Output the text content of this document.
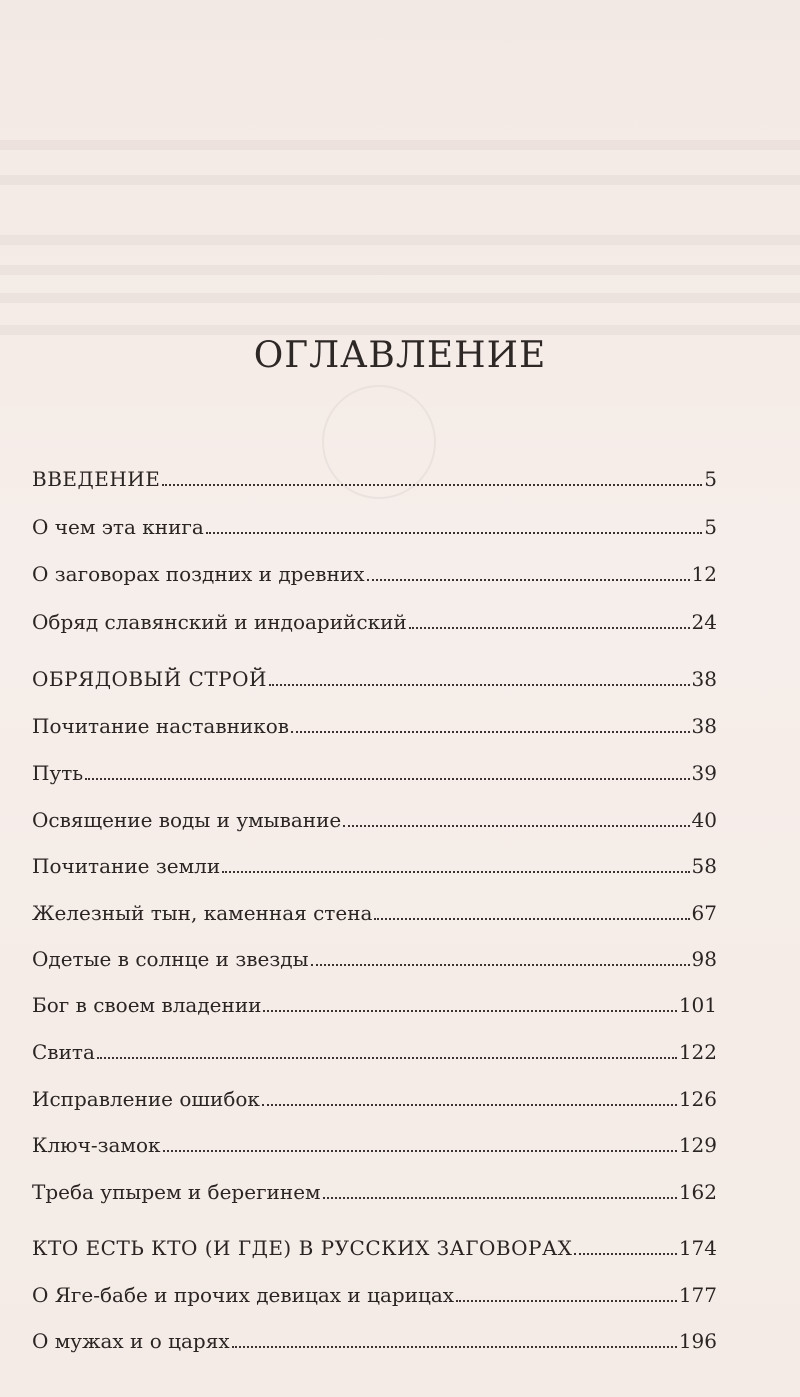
ОГЛАВЛЕНИЕ
ВВЕДЕНИЕ	5
О чем эта книга	5
О заговорах поздних и древних	12
Обряд славянский и индоарийский	24
ОБРЯДОВЫЙ СТРОЙ	38
Почитание наставников	38
Путь	39
Освящение воды и умывание	40
Почитание земли	58
Железный тын, каменная стена	67
Одетые в солнце и звезды	98
Бог в своем владении	101
Свита	122
Исправление ошибок	126
Ключ-замок	129
Треба упырем и берегинем	162
КТО ЕСТЬ КТО (И ГДЕ) В РУССКИХ ЗАГОВОРАХ	174
О Яге-бабе и прочих девицах и царицах	177
О мужах и о царях	196
